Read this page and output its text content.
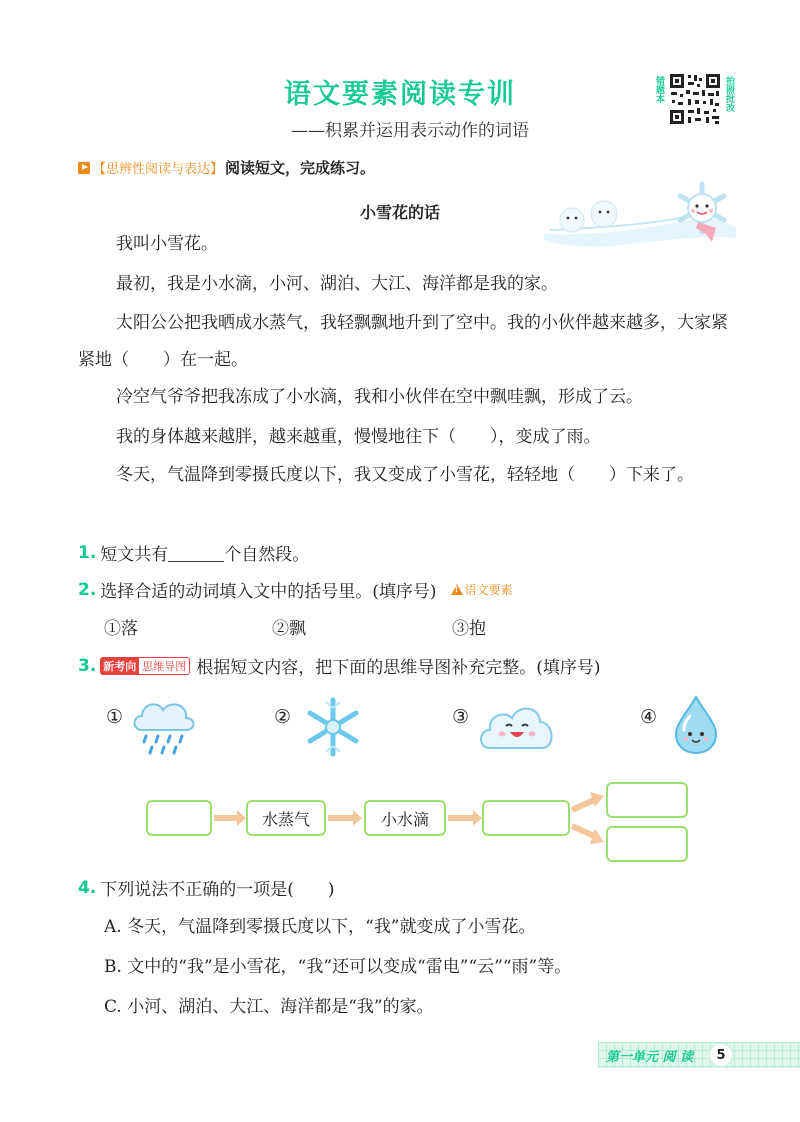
语文要素阅读专训
——积累并运用表示动作的词语
错题本	拍照批改
【思辨性阅读与表达】 阅读短文，完成练习。
小雪花的话
我叫小雪花。
最初，我是小水滴，小河、湖泊、大江、海洋都是我的家。
太阳公公把我晒成水蒸气，我轻飘飘地升到了空中。我的小伙伴越来越多，大家紧紧地（　　）在一起。
冷空气爷爷把我冻成了小水滴，我和小伙伴在空中飘哇飘，形成了云。
我的身体越来越胖，越来越重，慢慢地往下（　　），变成了雨。
冬天，气温降到零摄氏度以下，我又变成了小雪花，轻轻地（　　）下来了。
1. 短文共有	个自然段。
2. 选择合适的动词填入文中的括号里。(填序号)
! 语文要素
①落	②飘	③抱
3. 新考向 思维导图 根据短文内容，把下面的思维导图补充完整。(填序号)
①	②	③	④
水蒸气	小水滴
4. 下列说法不正确的一项是(　　)
A. 冬天，气温降到零摄氏度以下，“我”就变成了小雪花。
B. 文中的“我”是小雪花，“我”还可以变成“雷电”“云”“雨”等。
C. 小河、湖泊、大江、海洋都是“我”的家。
第一单元 阅 读	5
